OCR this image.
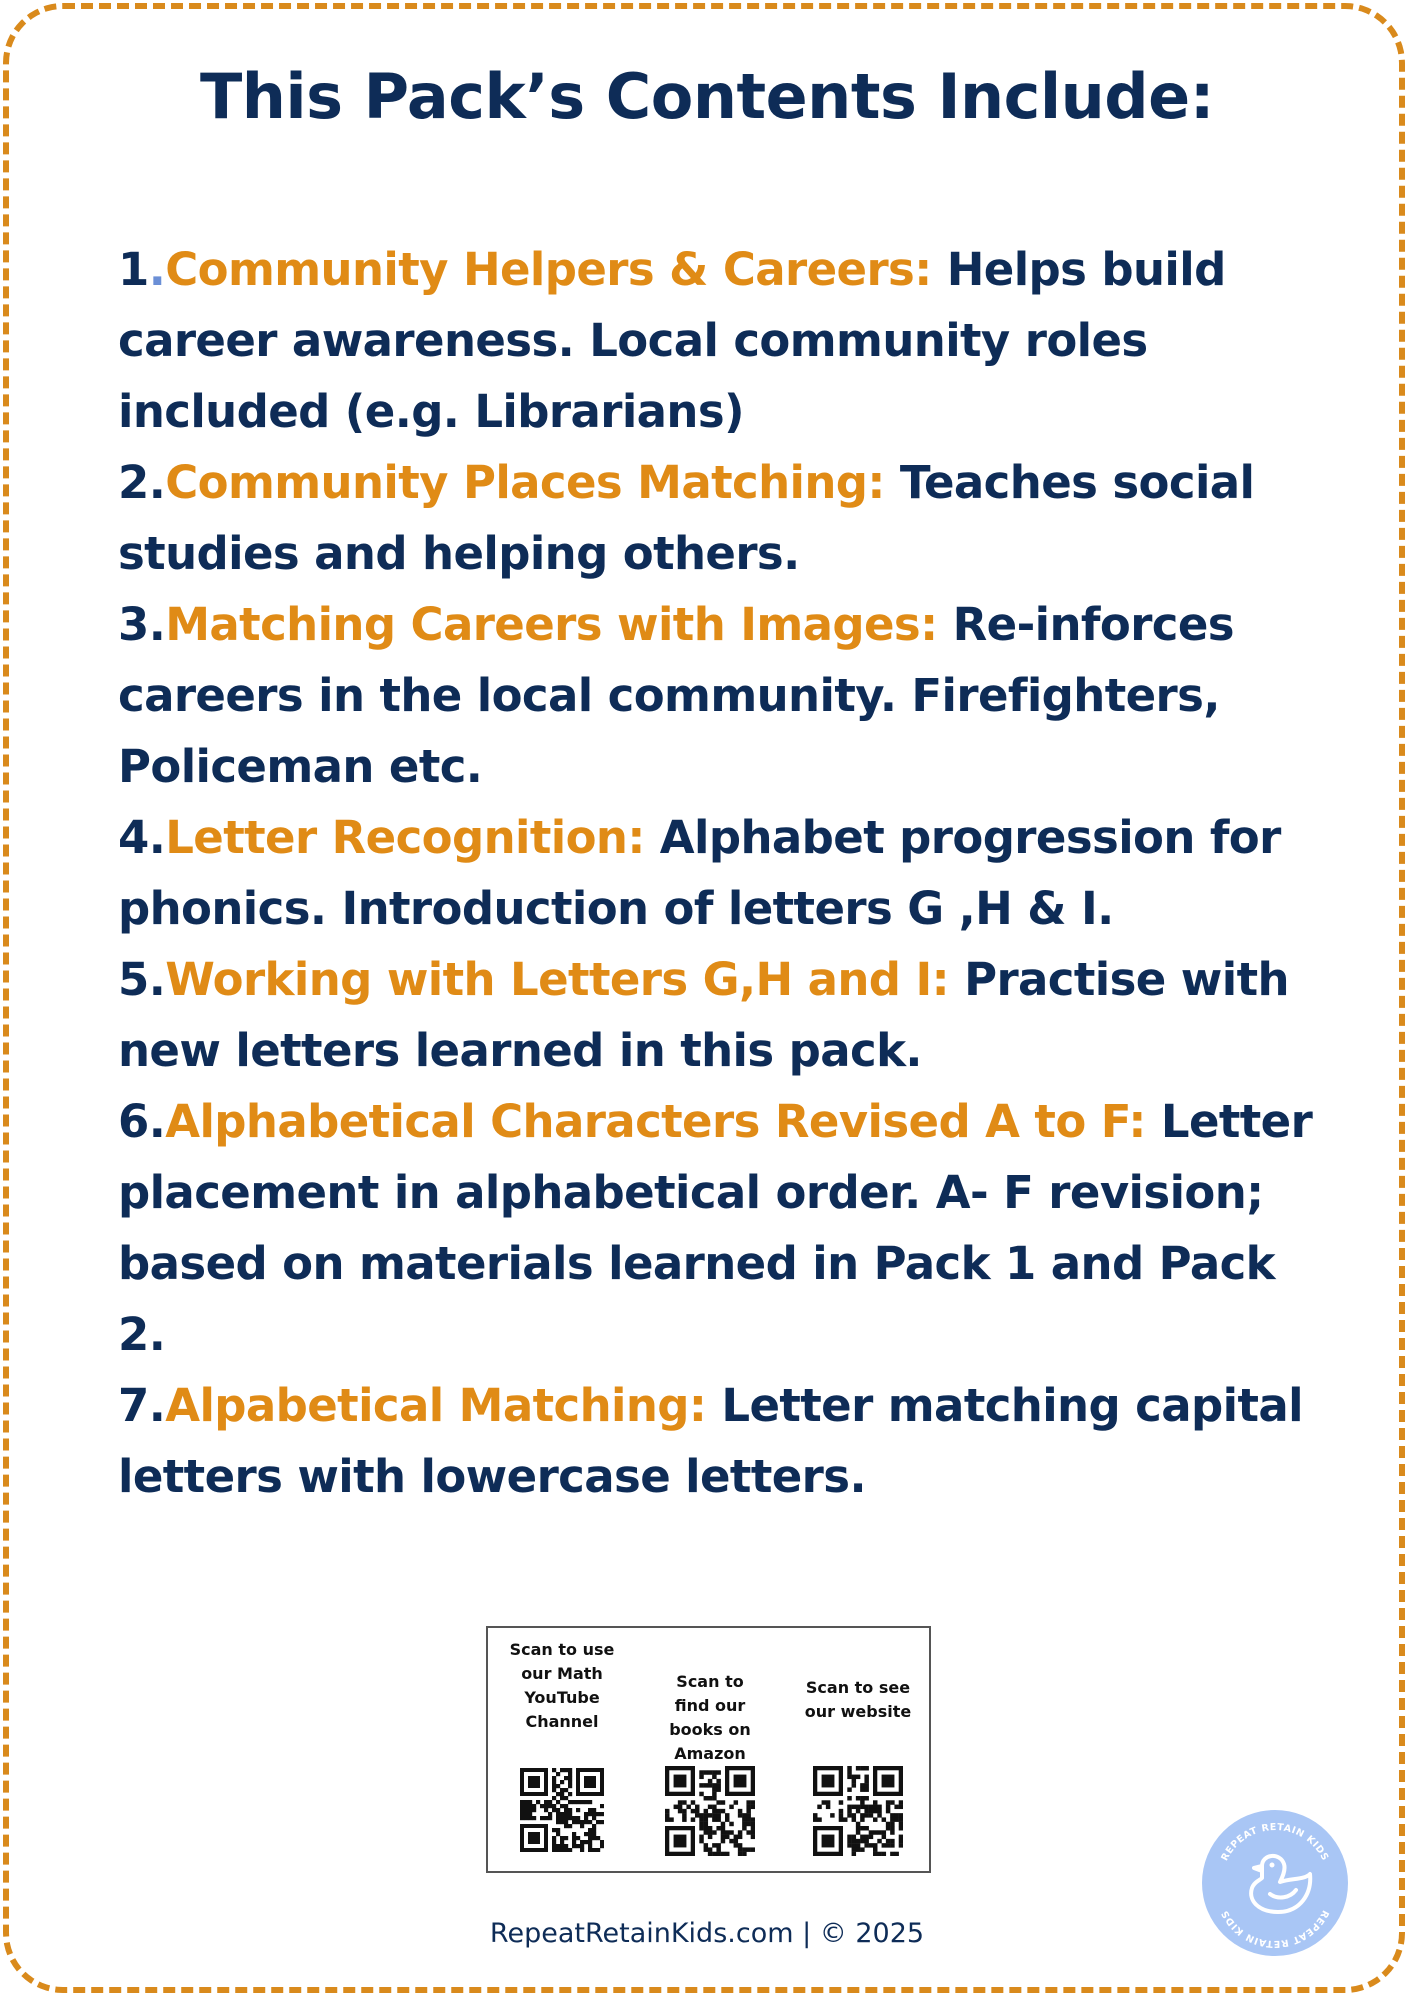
This Pack’s Contents Include:

1.Community Helpers & Careers: Helps build career awareness. Local community roles included (e.g. Librarians)

2.Community Places Matching: Teaches social studies and helping others.

3.Matching Careers with Images: Re-inforces careers in the local community. Firefighters, Policeman etc.

4.Letter Recognition: Alphabet progression for phonics. Introduction of letters G ,H & I.

5.Working with Letters G,H and I: Practise with new letters learned in this pack.

6.Alphabetical Characters Revised A to F: Letter placement in alphabetical order. A- F revision; based on materials learned in Pack 1 and Pack 2.

7.Alpabetical Matching: Letter matching capital letters with lowercase letters.

Scan to use our Math YouTube Channel
Scan to find our books on Amazon
Scan to see our website
REPEAT RETAIN KIDS
REPEAT RETAIN KIDS
RepeatRetainKids.com | © 2025
